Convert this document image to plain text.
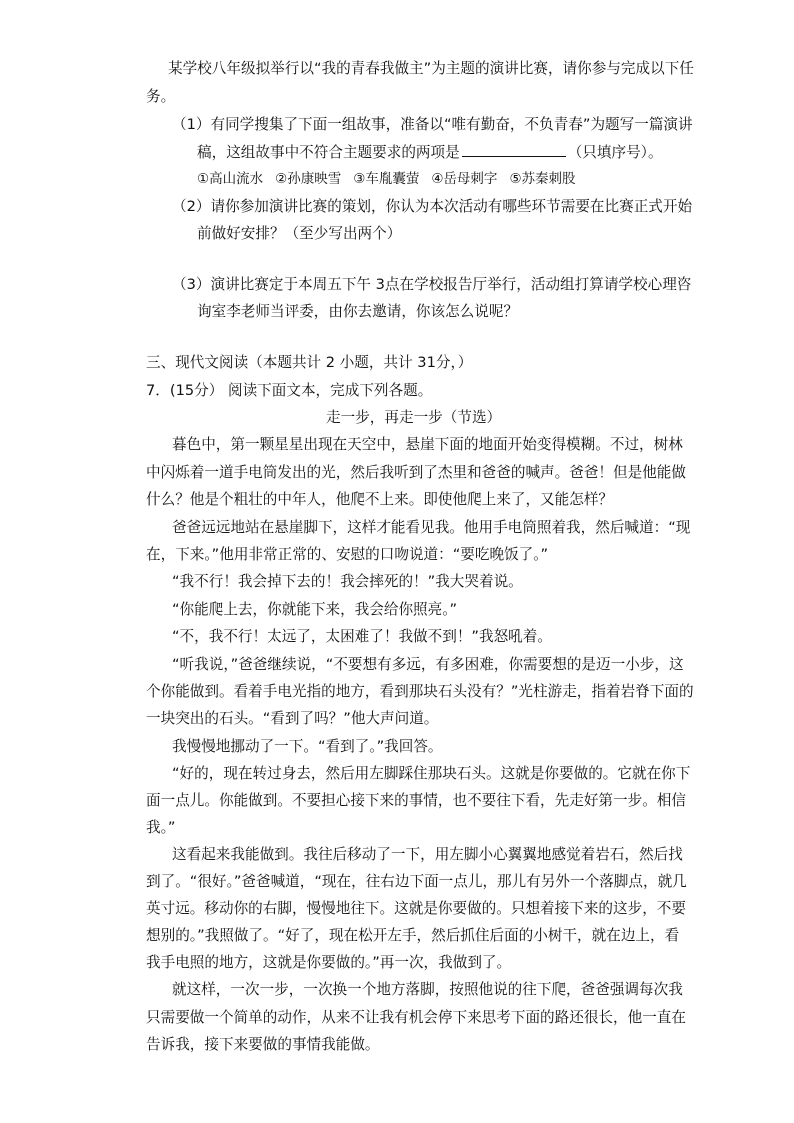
某学校八年级拟举行以“我的青春我做主”为主题的演讲比赛，请你参与完成以下任
务。
（1）有同学搜集了下面一组故事，准备以“唯有勤奋，不负青春”为题写一篇演讲
稿，这组故事中不符合主题要求的两项是	（只填序号）。
①高山流水 ②孙康映雪 ③车胤囊萤 ④岳母刺字 ⑤苏秦刺股
（2）请你参加演讲比赛的策划，你认为本次活动有哪些环节需要在比赛正式开始
前做好安排？（至少写出两个）
（3）演讲比赛定于本周五下午 3点在学校报告厅举行，活动组打算请学校心理咨
询室李老师当评委，由你去邀请，你该怎么说呢？
三、现代文阅读（本题共计 2 小题，共计 31分，）
7．(15分） 阅读下面文本，完成下列各题。
走一步，再走一步（节选）
暮色中，第一颗星星出现在天空中，悬崖下面的地面开始变得模糊。不过，树林
中闪烁着一道手电筒发出的光，然后我听到了杰里和爸爸的喊声。爸爸！但是他能做
什么？他是个粗壮的中年人，他爬不上来。即使他爬上来了，又能怎样？
爸爸远远地站在悬崖脚下，这样才能看见我。他用手电筒照着我，然后喊道：“现
在，下来。”他用非常正常的、安慰的口吻说道：“要吃晚饭了。”
“我不行！我会掉下去的！我会摔死的！”我大哭着说。
“你能爬上去，你就能下来，我会给你照亮。”
“不，我不行！太远了，太困难了！我做不到！”我怒吼着。
“听我说，”爸爸继续说，“不要想有多远，有多困难，你需要想的是迈一小步，这
个你能做到。看着手电光指的地方，看到那块石头没有？”光柱游走，指着岩脊下面的
一块突出的石头。“看到了吗？”他大声问道。
我慢慢地挪动了一下。“看到了。”我回答。
“好的，现在转过身去，然后用左脚踩住那块石头。这就是你要做的。它就在你下
面一点儿。你能做到。不要担心接下来的事情，也不要往下看，先走好第一步。相信
我。”
这看起来我能做到。我往后移动了一下，用左脚小心翼翼地感觉着岩石，然后找
到了。“很好。”爸爸喊道，“现在，往右边下面一点儿，那儿有另外一个落脚点，就几
英寸远。移动你的右脚，慢慢地往下。这就是你要做的。只想着接下来的这步，不要
想别的。”我照做了。“好了，现在松开左手，然后抓住后面的小树干，就在边上，看
我手电照的地方，这就是你要做的。”再一次，我做到了。
就这样，一次一步，一次换一个地方落脚，按照他说的往下爬，爸爸强调每次我
只需要做一个简单的动作，从来不让我有机会停下来思考下面的路还很长，他一直在
告诉我，接下来要做的事情我能做。
